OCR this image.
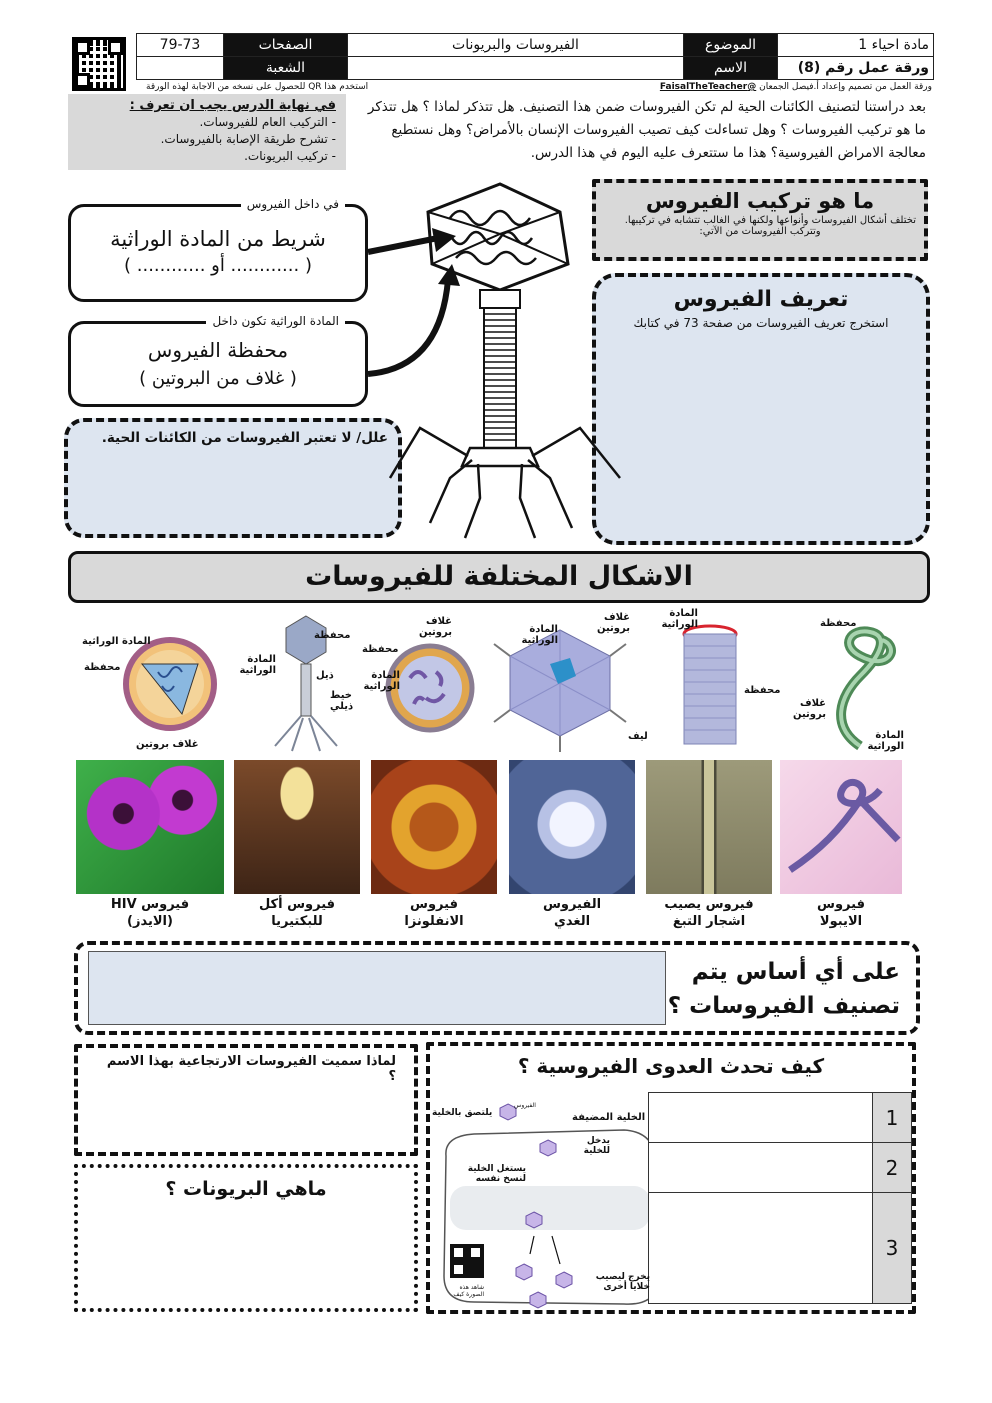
مادة احياء 1	الموضوع	الفيروسات والبريونات	الصفحات	79-73
ورقة عمل رقم (8)	الاسم		الشعبة	
ورقة العمل من تصميم وإعداد أ.فيصل الجمعان @FaisalTheTeacher
استخدم هذا QR للحصول على نسخه من الاجابة لهذه الورقة
بعد دراستنا لتصنيف الكائنات الحية لم تكن الفيروسات ضمن هذا التصنيف. هل تتذكر لماذا ؟ هل تتذكر ما هو تركيب الفيروسات ؟ وهل تساءلت كيف تصيب الفيروسات الإنسان بالأمراض؟ وهل نستطيع معالجة الامراض الفيروسية؟ هذا ما ستتعرف عليه اليوم في هذا الدرس.
في نهاية الدرس يجب ان تعرف :
- التركيب العام للفيروسات.
- تشرح طريقة الإصابة بالفيروسات.
- تركيب البريونات.
ما هو تركيب الفيروس
تختلف أشكال الفيروسات وأنواعها ولكنها في الغالب تتشابه في تركيبها.
وتتركب الفيروسات من الآتي:
تعريف الفيروس
استخرج تعريف الفيروسات من صفحة 73 في كتابك
في داخل الفيروس
شريط من المادة الوراثية
( ............ أو ............ )
المادة الوراثية تكون داخل
محفظة الفيروس
( غلاف من البروتين )
علل/ لا تعتبر الفيروسات من الكائنات الحية.
الاشكال المختلفة للفيروسات
المادة الوراثية
محفظة
غلاف بروتين
محفظة
المادة الوراثية	ذيل
خيط ذيلي
غلاف بروتين
محفظة
المادة الوراثية
غلاف بروتين
المادة الوراثية
ليف
المادة الوراثية
محفظة
محفظة
غلاف بروتين
المادة الوراثية
فيروس HIV
(الايدز)
فيروس أكل
للبكتيريا
فيروس
الانفلونزا
الفيروس
الغدي
فيروس يصيب
اشجار التبغ
فيروس
الايبولا
على أي أساس يتم
تصنيف الفيروسات ؟
لماذا سميت الفيروسات الارتجاعية بهذا الاسم ؟
ماهي البريونات ؟
كيف تحدث العدوى الفيروسية ؟
1
2
3
الفيروس
يلتصق بالخلية	الخلية المضيفة
يدخل للخلية
يستغل الخلية لنسخ نفسه
يخرج ليصيب خلايا أخرى
شاهد هذه الصورة كيف
